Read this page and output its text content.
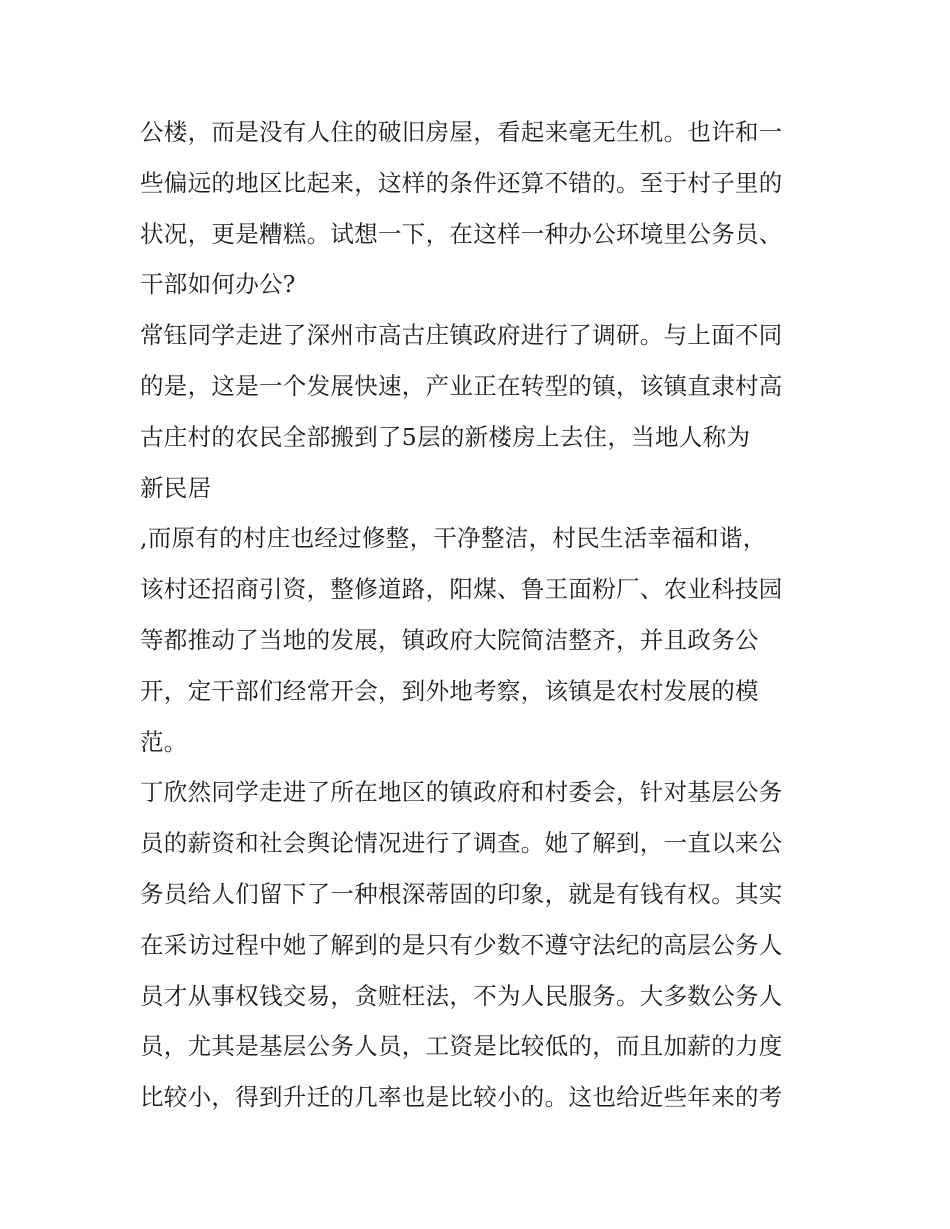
公楼，而是没有人住的破旧房屋，看起来毫无生机。也许和一
些偏远的地区比起来，这样的条件还算不错的。至于村子里的
状况，更是糟糕。试想一下，在这样一种办公环境里公务员、
干部如何办公?
常钰同学走进了深州市高古庄镇政府进行了调研。与上面不同
的是，这是一个发展快速，产业正在转型的镇，该镇直隶村高
古庄村的农民全部搬到了5层的新楼房上去住，当地人称为
新民居
,而原有的村庄也经过修整，干净整洁，村民生活幸福和谐，
该村还招商引资，整修道路，阳煤、鲁王面粉厂、农业科技园
等都推动了当地的发展，镇政府大院简洁整齐，并且政务公
开，定干部们经常开会，到外地考察，该镇是农村发展的模
范。
丁欣然同学走进了所在地区的镇政府和村委会，针对基层公务
员的薪资和社会舆论情况进行了调查。她了解到，一直以来公
务员给人们留下了一种根深蒂固的印象，就是有钱有权。其实
在采访过程中她了解到的是只有少数不遵守法纪的高层公务人
员才从事权钱交易，贪赃枉法，不为人民服务。大多数公务人
员，尤其是基层公务人员，工资是比较低的，而且加薪的力度
比较小，得到升迁的几率也是比较小的。这也给近些年来的考
